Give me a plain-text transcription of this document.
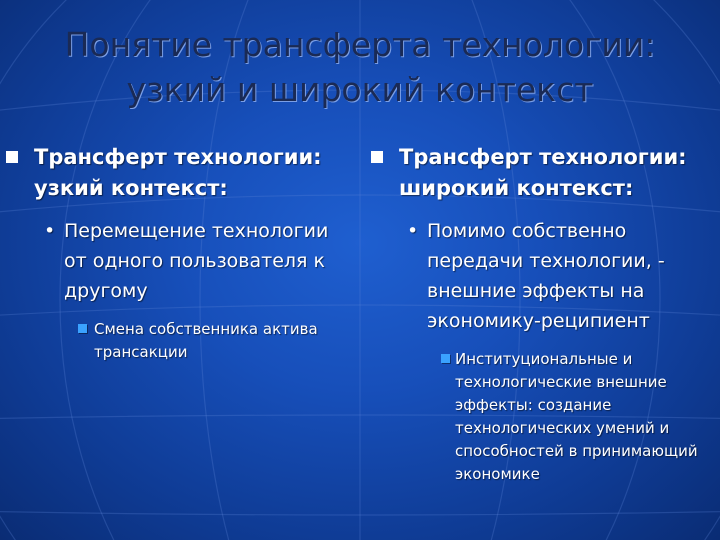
Понятие трансферта технологии:
узкий и широкий контекст
Трансферт технологии: узкий контекст:
• Перемещение технологии от одного пользователя к другому
Смена собственника актива трансакции
Трансферт технологии: широкий контекст:
• Помимо собственно передачи технологии, - внешние эффекты на экономику-реципиент
Институциональные и технологические внешние эффекты: создание технологических умений и способностей в принимающий экономике
